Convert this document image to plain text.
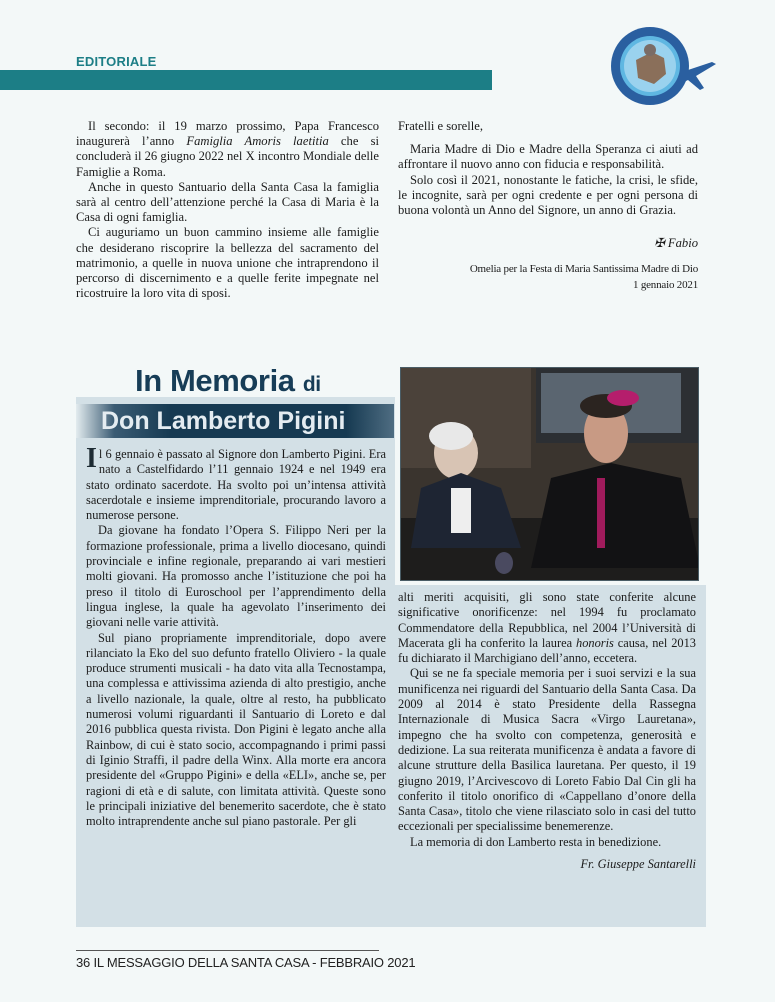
EDITORIALE

Il secondo: il 19 marzo prossimo, Papa Francesco inaugurerà l’anno Famiglia Amoris laetitia che si concluderà il 26 giugno 2022 nel X incontro Mondiale delle Famiglie a Roma.

Anche in questo Santuario della Santa Casa la famiglia sarà al centro dell’attenzione perché la Casa di Maria è la Casa di ogni famiglia.

Ci auguriamo un buon cammino insieme alle famiglie che desiderano riscoprire la bellezza del sacramento del matrimonio, a quelle in nuova unione che intraprendono il percorso di discernimento e a quelle ferite impegnate nel ricostruire la loro vita di sposi.

Fratelli e sorelle,

Maria Madre di Dio e Madre della Speranza ci aiuti ad affrontare il nuovo anno con fiducia e responsabilità.

Solo così il 2021, nonostante le fatiche, la crisi, le sfide, le incognite, sarà per ogni credente e per ogni persona di buona volontà un Anno del Signore, un anno di Grazia.

✠ Fabio
Omelia per la Festa di Maria Santissima Madre di Dio
1 gennaio 2021
In Memoria di
Don Lamberto Pigini

Il 6 gennaio è passato al Signore don Lamberto Pigini. Era nato a Castelfidardo l’11 gennaio 1924 e nel 1949 era stato ordinato sacerdote. Ha svolto poi un’intensa attività sacerdotale e insieme imprenditoriale, procurando lavoro a numerose persone.

Da giovane ha fondato l’Opera S. Filippo Neri per la formazione professionale, prima a livello diocesano, quindi provinciale e infine regionale, preparando ai vari mestieri molti giovani. Ha promosso anche l’istituzione che poi ha preso il titolo di Euroschool per l’apprendimento della lingua inglese, la quale ha agevolato l’inserimento dei giovani nelle varie attività.

Sul piano propriamente imprenditoriale, dopo avere rilanciato la Eko del suo defunto fratello Oliviero - la quale produce strumenti musicali - ha dato vita alla Tecnostampa, una complessa e attivissima azienda di alto prestigio, anche a livello nazionale, la quale, oltre al resto, ha pubblicato numerosi volumi riguardanti il Santuario di Loreto e dal 2016 pubblica questa rivista. Don Pigini è legato anche alla Rainbow, di cui è stato socio, accompagnando i primi passi di Iginio Straffi, il padre della Winx. Alla morte era ancora presidente del «Gruppo Pigini» e della «ELI», anche se, per ragioni di età e di salute, con limitata attività. Queste sono le principali iniziative del benemerito sacerdote, che è stato molto intraprendente anche sul piano pastorale. Per gli

alti meriti acquisiti, gli sono state conferite alcune significative onorificenze: nel 1994 fu proclamato Commendatore della Repubblica, nel 2004 l’Università di Macerata gli ha conferito la laurea honoris causa, nel 2013 fu dichiarato il Marchigiano dell’anno, eccetera.

Qui se ne fa speciale memoria per i suoi servizi e la sua munificenza nei riguardi del Santuario della Santa Casa. Da 2009 al 2014 è stato Presidente della Rassegna Internazionale di Musica Sacra «Virgo Lauretana», impegno che ha svolto con competenza, generosità e dedizione. La sua reiterata munificenza è andata a favore di alcune strutture della Basilica lauretana. Per questo, il 19 giugno 2019, l’Arcivescovo di Loreto Fabio Dal Cin gli ha conferito il titolo onorifico di «Cappellano d’onore della Santa Casa», titolo che viene rilasciato solo in casi del tutto eccezionali per specialissime benemerenze.

La memoria di don Lamberto resta in benedizione.

Fr. Giuseppe Santarelli
36 IL MESSAGGIO DELLA SANTA CASA - FEBBRAIO 2021
